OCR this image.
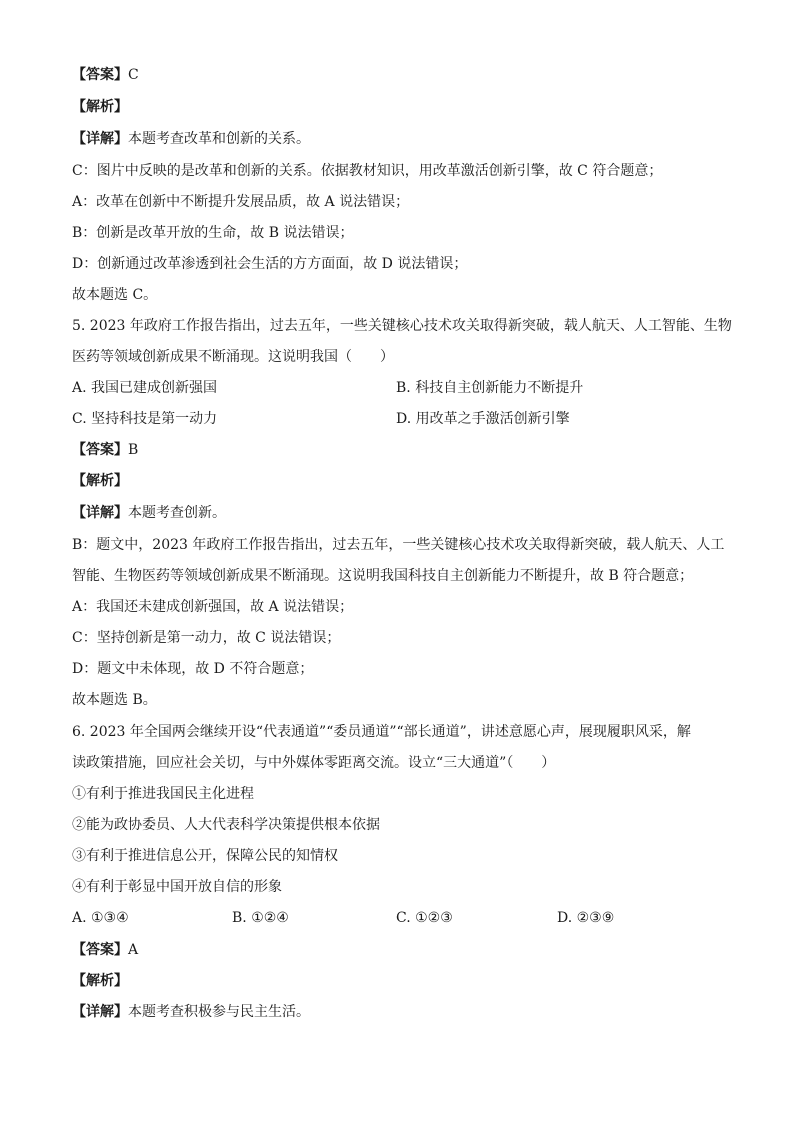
【答案】C
【解析】
【详解】本题考查改革和创新的关系。
C：图片中反映的是改革和创新的关系。依据教材知识，用改革激活创新引擎，故 C 符合题意；
A：改革在创新中不断提升发展品质，故 A 说法错误；
B：创新是改革开放的生命，故 B 说法错误；
D：创新通过改革渗透到社会生活的方方面面，故 D 说法错误；
故本题选 C。
5. 2023 年政府工作报告指出，过去五年，一些关键核心技术攻关取得新突破，载人航天、人工智能、生物
医药等领域创新成果不断涌现。这说明我国（　　）
A. 我国已建成创新强国	B. 科技自主创新能力不断提升
C. 坚持科技是第一动力	D. 用改革之手激活创新引擎
【答案】B
【解析】
【详解】本题考查创新。
B：题文中，2023 年政府工作报告指出，过去五年，一些关键核心技术攻关取得新突破，载人航天、人工
智能、生物医药等领域创新成果不断涌现。这说明我国科技自主创新能力不断提升，故 B 符合题意；
A：我国还未建成创新强国，故 A 说法错误；
C：坚持创新是第一动力，故 C 说法错误；
D：题文中未体现，故 D 不符合题意；
故本题选 B。
6. 2023 年全国两会继续开设“代表通道”“委员通道”“部长通道”，讲述意愿心声，展现履职风采，解
读政策措施，回应社会关切，与中外媒体零距离交流。设立“三大通道”（　　）
①有利于推进我国民主化进程
②能为政协委员、人大代表科学决策提供根本依据
③有利于推进信息公开，保障公民的知情权
④有利于彰显中国开放自信的形象
A. ①③④	B. ①②④	C. ①②③	D. ②③⑨
【答案】A
【解析】
【详解】本题考查积极参与民主生活。
